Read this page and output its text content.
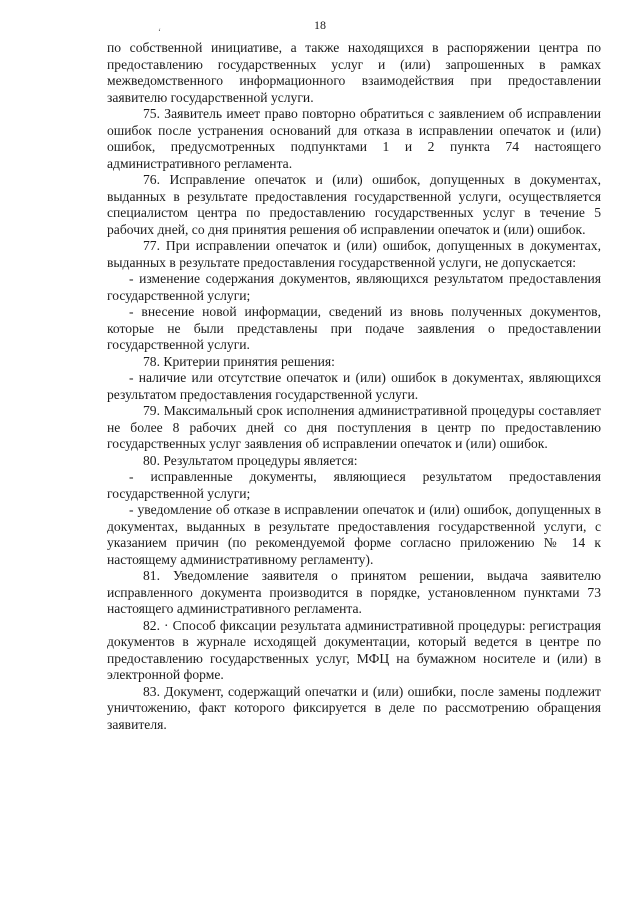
‘	18

по собственной инициативе, а также находящихся в распоряжении центра по предоставлению государственных услуг и (или) запрошенных в рамках межведомственного информационного взаимодействия при предоставлении заявителю государственной услуги.

75. Заявитель имеет право повторно обратиться с заявлением об исправлении ошибок после устранения оснований для отказа в исправлении опечаток и (или) ошибок, предусмотренных подпунктами 1 и 2 пункта 74 настоящего административного регламента.

76. Исправление опечаток и (или) ошибок, допущенных в документах, выданных в результате предоставления государственной услуги, осуществляется специалистом центра по предоставлению государственных услуг в течение 5 рабочих дней, со дня принятия решения об исправлении опечаток и (или) ошибок.

77. При исправлении опечаток и (или) ошибок, допущенных в документах, выданных в результате предоставления государственной услуги, не допускается:

- изменение содержания документов, являющихся результатом предоставления государственной услуги;

- внесение новой информации, сведений из вновь полученных документов, которые не были представлены при подаче заявления о предоставлении государственной услуги.

78. Критерии принятия решения:

- наличие или отсутствие опечаток и (или) ошибок в документах, являющихся результатом предоставления государственной услуги.

79. Максимальный срок исполнения административной процедуры составляет не более 8 рабочих дней со дня поступления в центр по предоставлению государственных услуг заявления об исправлении опечаток и (или) ошибок.

80. Результатом процедуры является:

- исправленные документы, являющиеся результатом предоставления государственной услуги;

- уведомление об отказе в исправлении опечаток и (или) ошибок, допущенных в документах, выданных в результате предоставления государственной услуги, с указанием причин (по рекомендуемой форме согласно приложению № 14 к настоящему административному регламенту).

81. Уведомление заявителя о принятом решении, выдача заявителю исправленного документа производится в порядке, установленном пунктами 73 настоящего административного регламента.

82. · Способ фиксации результата административной процедуры: регистрация документов в журнале исходящей документации, который ведется в центре по предоставлению государственных услуг, МФЦ на бумажном носителе и (или) в электронной форме.

83. Документ, содержащий опечатки и (или) ошибки, после замены подлежит уничтожению, факт которого фиксируется в деле по рассмотрению обращения заявителя.
